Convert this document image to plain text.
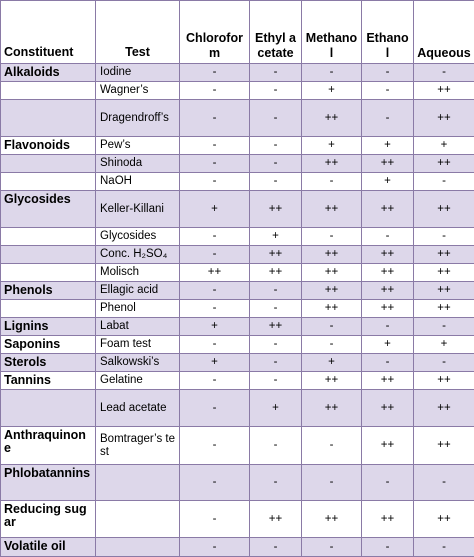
Constituent	Test	Chloroform	Ethyl acetate	Methanol	Ethanol	Aqueous
Alkaloids	Iodine	-	-	-	-	-
	Wagner’s	-	-	+	-	++
	Dragendroff’s	-	-	++	-	++
Flavonoids	Pew’s	-	-	+	+	+
	Shinoda	-	-	++	++	++
	NaOH	-	-	-	+	-
Glycosides	Keller-Killani	+	++	++	++	++
	Glycosides	-	+	-	-	-
	Conc. H₂SO₄	-	++	++	++	++
	Molisch	++	++	++	++	++
Phenols	Ellagic acid	-	-	++	++	++
	Phenol	-	-	++	++	++
Lignins	Labat	+	++	-	-	-
Saponins	Foam test	-	-	-	+	+
Sterols	Salkowski’s	+	-	+	-	-
Tannins	Gelatine	-	-	++	++	++
	Lead acetate	-	+	++	++	++
Anthraquinone	Bomtrager’s test	-	-	-	++	++
Phlobatannins		-	-	-	-	-
Reducing sugar		-	++	++	++	++
Volatile oil		-	-	-	-	-
